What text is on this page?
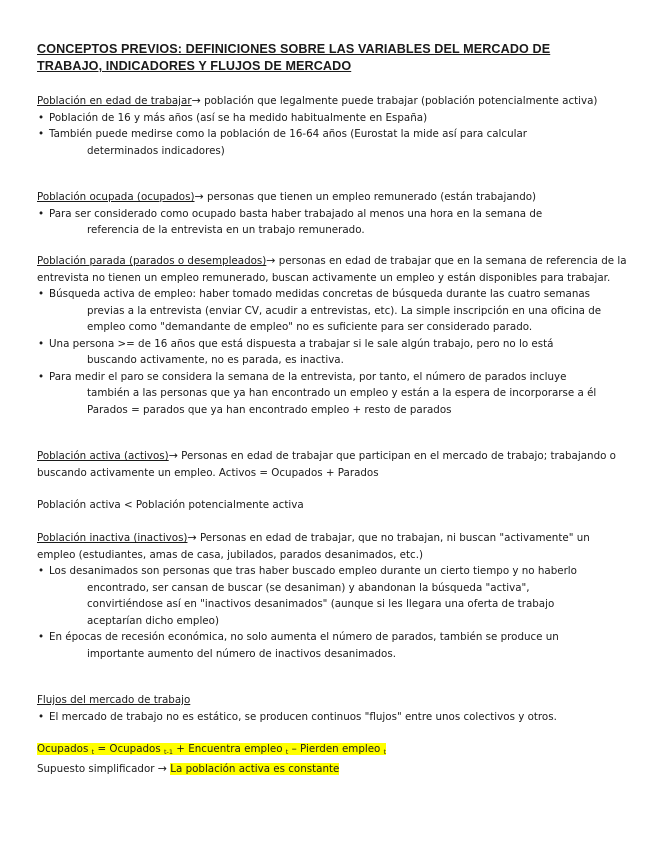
CONCEPTOS PREVIOS: DEFINICIONES SOBRE LAS VARIABLES DEL MERCADO DE TRABAJO, INDICADORES Y FLUJOS DE MERCADO
Población en edad de trabajar→ población que legalmente puede trabajar (población potencialmente activa)
• Población de 16 y más años (así se ha medido habitualmente en España)
• También puede medirse como la población de 16-64 años (Eurostat la mide así para calcular
determinados indicadores)
Población ocupada (ocupados)→ personas que tienen un empleo remunerado (están trabajando)
• Para ser considerado como ocupado basta haber trabajado al menos una hora en la semana de
referencia de la entrevista en un trabajo remunerado.
Población parada (parados o desempleados)→ personas en edad de trabajar que en la semana de referencia de la entrevista no tienen un empleo remunerado, buscan activamente un empleo y están disponibles para trabajar.
• Búsqueda activa de empleo: haber tomado medidas concretas de búsqueda durante las cuatro semanas
previas a la entrevista (enviar CV, acudir a entrevistas, etc). La simple inscripción en una oficina de
empleo como "demandante de empleo" no es suficiente para ser considerado parado.
• Una persona >= de 16 años que está dispuesta a trabajar si le sale algún trabajo, pero no lo está
buscando activamente, no es parada, es inactiva.
• Para medir el paro se considera la semana de la entrevista, por tanto, el número de parados incluye
también a las personas que ya han encontrado un empleo y están a la espera de incorporarse a él
Parados = parados que ya han encontrado empleo + resto de parados
Población activa (activos)→ Personas en edad de trabajar que participan en el mercado de trabajo; trabajando o buscando activamente un empleo. Activos = Ocupados + Parados
Población activa < Población potencialmente activa
Población inactiva (inactivos)→ Personas en edad de trabajar, que no trabajan, ni buscan "activamente" un empleo (estudiantes, amas de casa, jubilados, parados desanimados, etc.)
• Los desanimados son personas que tras haber buscado empleo durante un cierto tiempo y no haberlo
encontrado, ser cansan de buscar (se desaniman) y abandonan la búsqueda "activa",
convirtiéndose así en "inactivos desanimados" (aunque si les llegara una oferta de trabajo
aceptarían dicho empleo)
• En épocas de recesión económica, no solo aumenta el número de parados, también se produce un
importante aumento del número de inactivos desanimados.
Flujos del mercado de trabajo
• El mercado de trabajo no es estático, se producen continuos "flujos" entre unos colectivos y otros.
Ocupados $_t$ = Ocupados $_{t-1}$ + Encuentra empleo $_t$ – Pierden empleo $_t$
Supuesto simplificador → La población activa es constante
